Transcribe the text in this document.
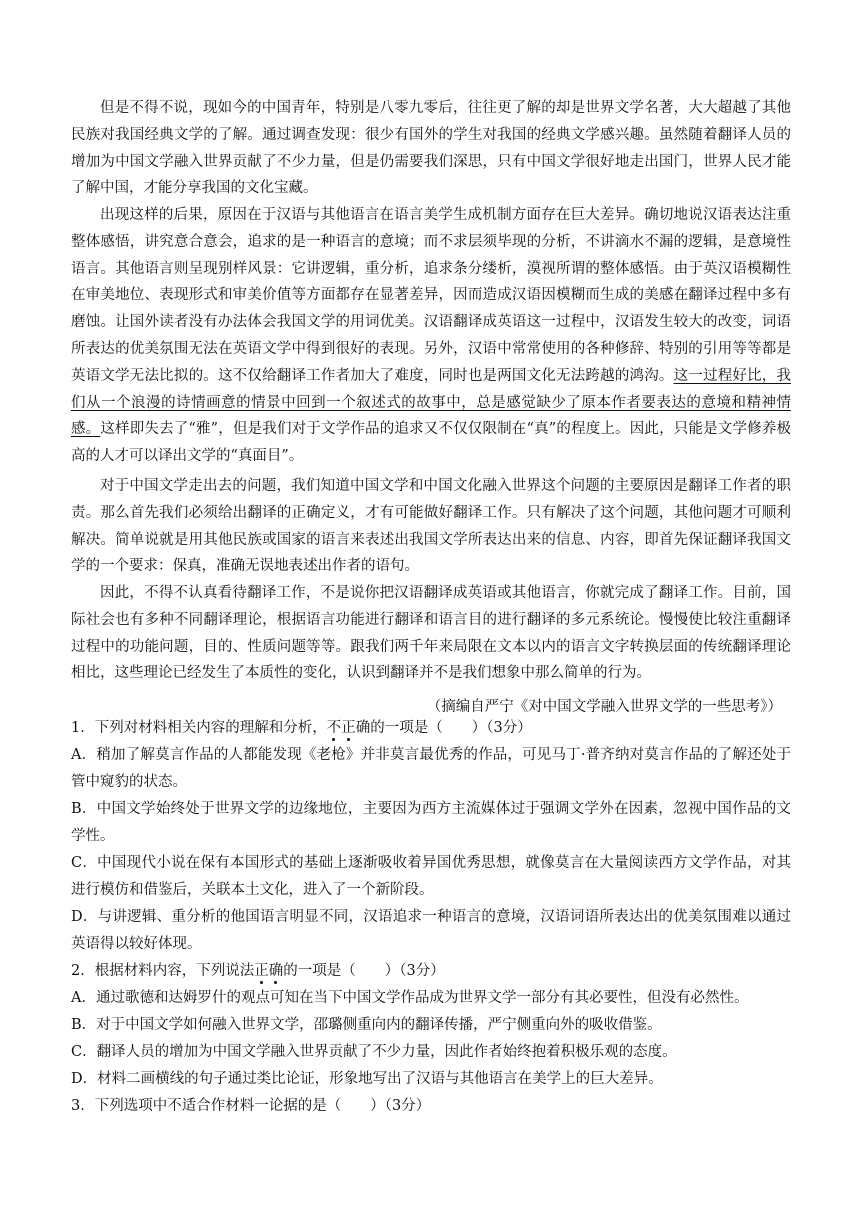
但是不得不说，现如今的中国青年，特别是八零九零后，往往更了解的却是世界文学名著，大大超越了其他民族对我国经典文学的了解。通过调查发现：很少有国外的学生对我国的经典文学感兴趣。虽然随着翻译人员的增加为中国文学融入世界贡献了不少力量，但是仍需要我们深思，只有中国文学很好地走出国门，世界人民才能了解中国，才能分享我国的文化宝藏。

出现这样的后果，原因在于汉语与其他语言在语言美学生成机制方面存在巨大差异。确切地说汉语表达注重整体感悟，讲究意合意会，追求的是一种语言的意境；而不求层须毕现的分析，不讲滴水不漏的逻辑，是意境性语言。其他语言则呈现别样风景：它讲逻辑，重分析，追求条分缕析，漠视所谓的整体感悟。由于英汉语模糊性在审美地位、表现形式和审美价值等方面都存在显著差异，因而造成汉语因模糊而生成的美感在翻译过程中多有磨蚀。让国外读者没有办法体会我国文学的用词优美。汉语翻译成英语这一过程中，汉语发生较大的改变，词语所表达的优美氛围无法在英语文学中得到很好的表现。另外，汉语中常常使用的各种修辞、特别的引用等等都是英语文学无法比拟的。这不仅给翻译工作者加大了难度，同时也是两国文化无法跨越的鸿沟。这一过程好比，我们从一个浪漫的诗情画意的情景中回到一个叙述式的故事中，总是感觉缺少了原本作者要表达的意境和精神情感。这样即失去了“雅”，但是我们对于文学作品的追求又不仅仅限制在“真”的程度上。因此，只能是文学修养极高的人才可以译出文学的“真面目”。

对于中国文学走出去的问题，我们知道中国文学和中国文化融入世界这个问题的主要原因是翻译工作者的职责。那么首先我们必须给出翻译的正确定义，才有可能做好翻译工作。只有解决了这个问题，其他问题才可顺利解决。简单说就是用其他民族或国家的语言来表述出我国文学所表达出来的信息、内容，即首先保证翻译我国文学的一个要求：保真，准确无误地表述出作者的语句。

因此，不得不认真看待翻译工作，不是说你把汉语翻译成英语或其他语言，你就完成了翻译工作。目前，国际社会也有多种不同翻译理论，根据语言功能进行翻译和语言目的进行翻译的多元系统论。慢慢使比较注重翻译过程中的功能问题，目的、性质问题等等。跟我们两千年来局限在文本以内的语言文字转换层面的传统翻译理论相比，这些理论已经发生了本质性的变化，认识到翻译并不是我们想象中那么简单的行为。

（摘编自严宁《对中国文学融入世界文学的一些思考》）

1．下列对材料相关内容的理解和分析，不正确的一项是（　　）（3分）

A．稍加了解莫言作品的人都能发现《老枪》并非莫言最优秀的作品，可见马丁·普齐纳对莫言作品的了解还处于管中窥豹的状态。

B．中国文学始终处于世界文学的边缘地位，主要因为西方主流媒体过于强调文学外在因素，忽视中国作品的文学性。

C．中国现代小说在保有本国形式的基础上逐渐吸收着异国优秀思想，就像莫言在大量阅读西方文学作品，对其进行模仿和借鉴后，关联本土文化，进入了一个新阶段。

D．与讲逻辑、重分析的他国语言明显不同，汉语追求一种语言的意境，汉语词语所表达出的优美氛围难以通过英语得以较好体现。

2．根据材料内容，下列说法正确的一项是（　　）（3分）

A．通过歌德和达姆罗什的观点可知在当下中国文学作品成为世界文学一部分有其必要性，但没有必然性。

B．对于中国文学如何融入世界文学，邵璐侧重向内的翻译传播，严宁侧重向外的吸收借鉴。

C．翻译人员的增加为中国文学融入世界贡献了不少力量，因此作者始终抱着积极乐观的态度。

D．材料二画横线的句子通过类比论证，形象地写出了汉语与其他语言在美学上的巨大差异。

3．下列选项中不适合作材料一论据的是（　　）（3分）
